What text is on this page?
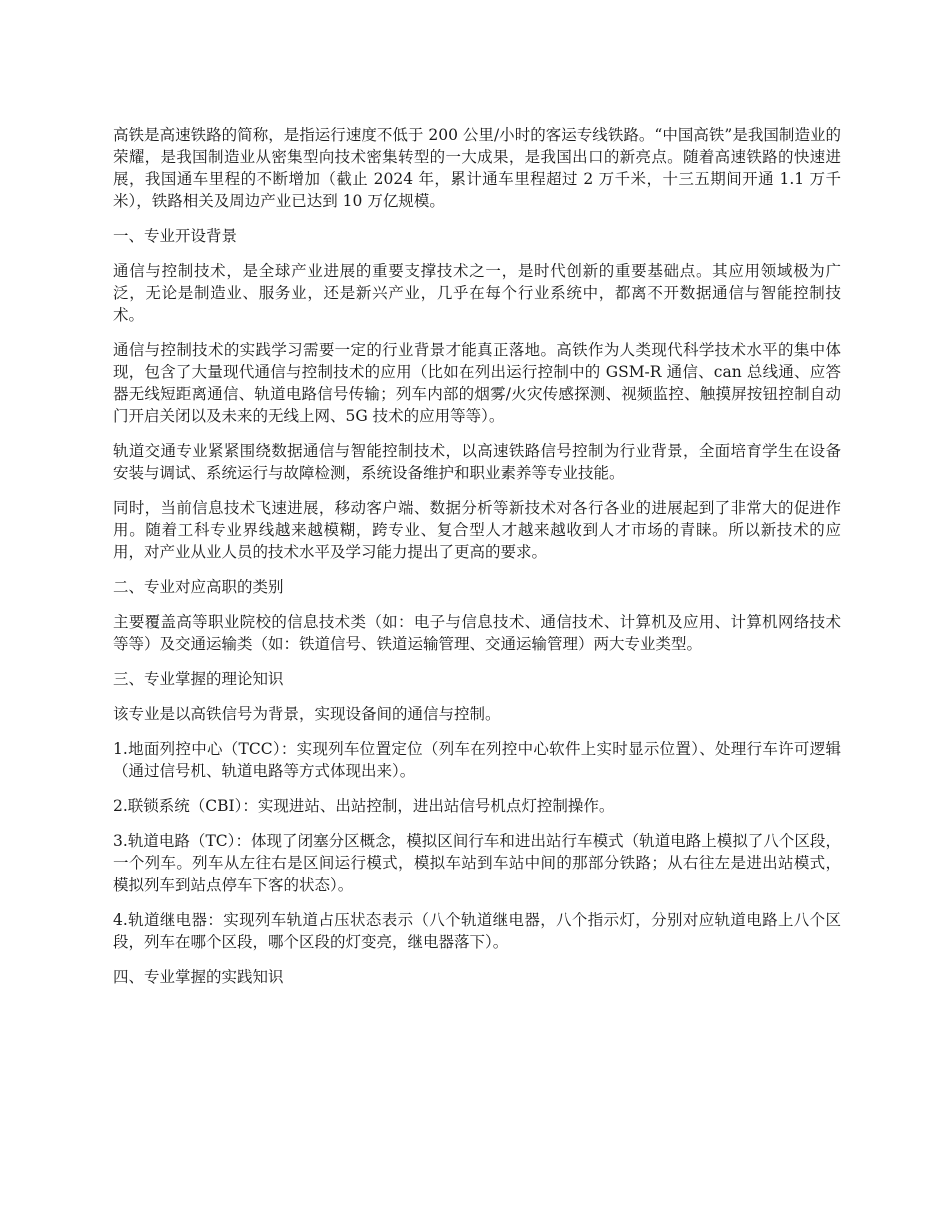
高铁是高速铁路的简称，是指运行速度不低于 200 公里/小时的客运专线铁路。“中国高铁”是我国制造业的荣耀，是我国制造业从密集型向技术密集转型的一大成果，是我国出口的新亮点。随着高速铁路的快速进展，我国通车里程的不断增加（截止 2024 年，累计通车里程超过 2 万千米，十三五期间开通 1.1 万千米），铁路相关及周边产业已达到 10 万亿规模。

一、专业开设背景

通信与控制技术，是全球产业进展的重要支撑技术之一，是时代创新的重要基础点。其应用领域极为广泛，无论是制造业、服务业，还是新兴产业，几乎在每个行业系统中，都离不开数据通信与智能控制技术。

通信与控制技术的实践学习需要一定的行业背景才能真正落地。高铁作为人类现代科学技术水平的集中体现，包含了大量现代通信与控制技术的应用（比如在列出运行控制中的 GSM-R 通信、can 总线通、应答器无线短距离通信、轨道电路信号传输；列车内部的烟雾/火灾传感探测、视频监控、触摸屏按钮控制自动门开启关闭以及未来的无线上网、5G 技术的应用等等）。

轨道交通专业紧紧围绕数据通信与智能控制技术，以高速铁路信号控制为行业背景，全面培育学生在设备安装与调试、系统运行与故障检测，系统设备维护和职业素养等专业技能。

同时，当前信息技术飞速进展，移动客户端、数据分析等新技术对各行各业的进展起到了非常大的促进作用。随着工科专业界线越来越模糊，跨专业、复合型人才越来越收到人才市场的青睐。所以新技术的应用，对产业从业人员的技术水平及学习能力提出了更高的要求。

二、专业对应高职的类别

主要覆盖高等职业院校的信息技术类（如：电子与信息技术、通信技术、计算机及应用、计算机网络技术等等）及交通运输类（如：铁道信号、铁道运输管理、交通运输管理）两大专业类型。

三、专业掌握的理论知识

该专业是以高铁信号为背景，实现设备间的通信与控制。

1.地面列控中心（TCC）：实现列车位置定位（列车在列控中心软件上实时显示位置）、处理行车许可逻辑（通过信号机、轨道电路等方式体现出来）。

2.联锁系统（CBI）：实现进站、出站控制，进出站信号机点灯控制操作。

3.轨道电路（TC）：体现了闭塞分区概念，模拟区间行车和进出站行车模式（轨道电路上模拟了八个区段，一个列车。列车从左往右是区间运行模式，模拟车站到车站中间的那部分铁路；从右往左是进出站模式，模拟列车到站点停车下客的状态）。

4.轨道继电器：实现列车轨道占压状态表示（八个轨道继电器，八个指示灯，分别对应轨道电路上八个区段，列车在哪个区段，哪个区段的灯变亮，继电器落下）。

四、专业掌握的实践知识
